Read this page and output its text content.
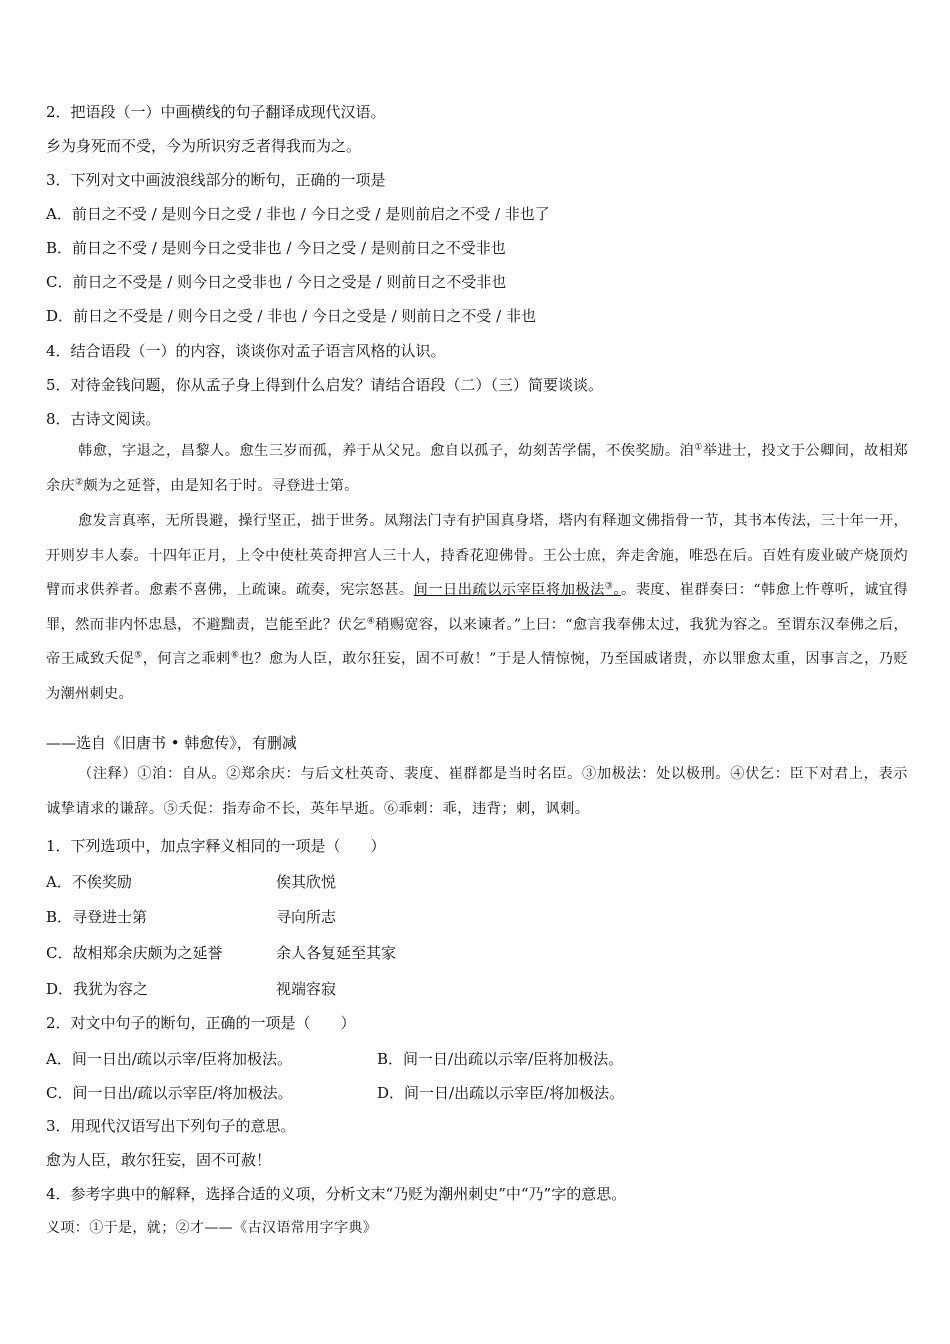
2．把语段（一）中画横线的句子翻译成现代汉语。
乡为身死而不受，今为所识穷乏者得我而为之。
3．下列对文中画波浪线部分的断句，正确的一项是
A．前日之不受 / 是则今日之受 / 非也 / 今日之受 / 是则前启之不受 / 非也了
B．前日之不受 / 是则今日之受非也 / 今日之受 / 是则前日之不受非也
C．前日之不受是 / 则今日之受非也 / 今日之受是 / 则前日之不受非也
D．前日之不受是 / 则今日之受 / 非也 / 今日之受是 / 则前日之不受 / 非也
4．结合语段（一）的内容，谈谈你对孟子语言风格的认识。
5．对待金钱问题，你从孟子身上得到什么启发？请结合语段（二）（三）简要谈谈。
8．古诗文阅读。
韩愈，字退之，昌黎人。愈生三岁而孤，养于从父兄。愈自以孤子，幼刻苦学儒，不俟奖励。洎①举进士，投文于公卿间，故相郑余庆②颇为之延誉，由是知名于时。寻登进士第。
愈发言真率，无所畏避，操行坚正，拙于世务。凤翔法门寺有护国真身塔，塔内有释迦文佛指骨一节，其书本传法，三十年一开，开则岁丰人泰。十四年正月，上令中使杜英奇押宫人三十人，持香花迎佛骨。王公士庶，奔走舍施，唯恐在后。百姓有废业破产烧顶灼臂而求供养者。愈素不喜佛，上疏谏。疏奏，宪宗怒甚。间一日出疏以示宰臣将加极法③。。裴度、崔群奏曰：“韩愈上忤尊听，诚宜得罪，然而非内怀忠恳，不避黜责，岂能至此？伏乞④稍赐宽容，以来谏者。”上曰：“愈言我奉佛太过，我犹为容之。至谓东汉奉佛之后，帝王咸致夭促⑤，何言之乖剌⑥也？愈为人臣，敢尔狂妄，固不可赦！”于是人情惊惋，乃至国戚诸贵，亦以罪愈太重，因事言之，乃贬为潮州刺史。
——选自《旧唐书 • 韩愈传》，有删减
（注释）①洎：自从。②郑余庆：与后文杜英奇、裴度、崔群都是当时名臣。③加极法：处以极刑。④伏乞：臣下对君上，表示诚挚请求的谦辞。⑤夭促：指寿命不长，英年早逝。⑥乖剌：乖，违背；刺，讽刺。
1．下列选项中，加点字释义相同的一项是（　　）
A．不俟奖励	俟其欣悦
B．寻登进士第	寻向所志
C．故相郑余庆颇为之延誉	余人各复延至其家
D．我犹为容之	视端容寂
2．对文中句子的断句，正确的一项是（　　）
A．间一日出/疏以示宰/臣将加极法。	B．间一日/出疏以示宰/臣将加极法。
C．间一日出/疏以示宰臣/将加极法。	D．间一日/出疏以示宰臣/将加极法。
3．用现代汉语写出下列句子的意思。
愈为人臣，敢尔狂妄，固不可赦！
4．参考字典中的解释，选择合适的义项，分析文末“乃贬为潮州刺史”中“乃”字的意思。
义项：①于是，就；②才——《古汉语常用字字典》
